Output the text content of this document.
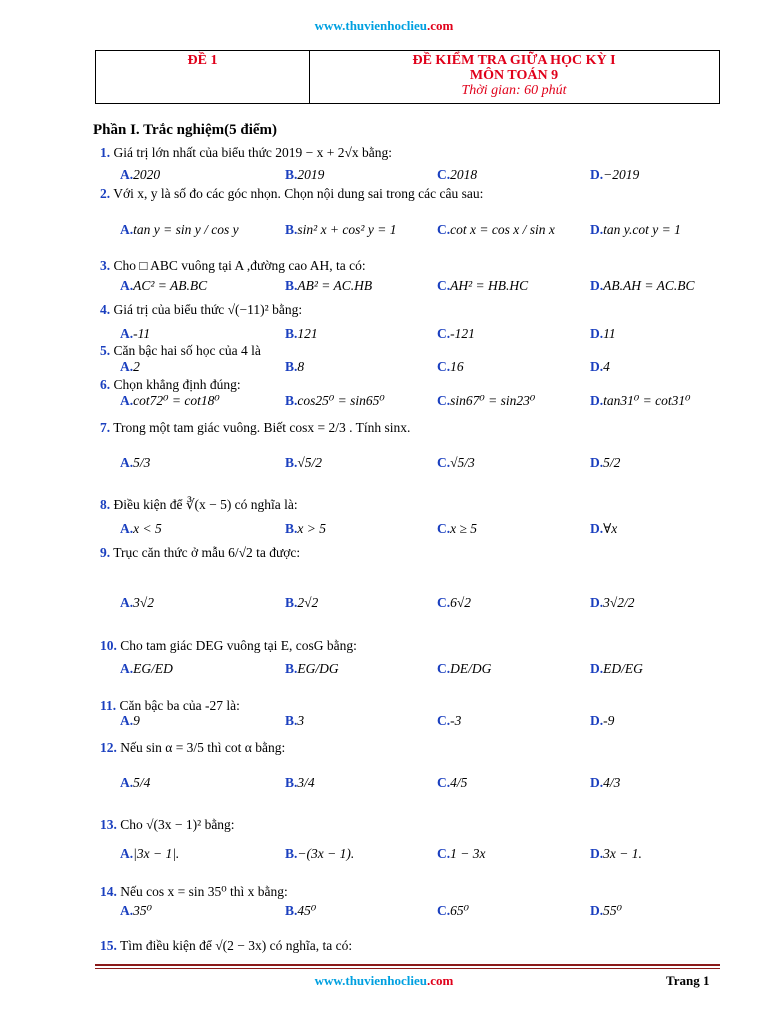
www.thuvienhoclieu.com
ĐỀ 1	ĐỀ KIỂM TRA GIỮA HỌC KỲ I
MÔN TOÁN 9
Thời gian: 60 phút
Phần I. Trắc nghiệm(5 điểm)
1. Giá trị lớn nhất của biểu thức 2019 − x + 2√x bằng:
A.2020	B.2019	C.2018	D.−2019
2. Với x, y là số đo các góc nhọn. Chọn nội dung sai trong các câu sau:
A.tan y = sin y / cos y	B.sin² x + cos² y = 1	C.cot x = cos x / sin x	D.tan y.cot y = 1
3. Cho □ ABC vuông tại A ,đường cao AH, ta có:
A.AC² = AB.BC	B.AB² = AC.HB	C.AH² = HB.HC	D.AB.AH = AC.BC
4. Giá trị của biểu thức √(−11)² bằng:
A.-11	B.121	C.-121	D.11
5. Căn bậc hai số học của 4 là
A.2	B.8	C.16	D.4
6. Chọn khẳng định đúng:
A.cot72⁰ = cot18⁰	B.cos25⁰ = sin65⁰	C.sin67⁰ = sin23⁰	D.tan31⁰ = cot31⁰
7. Trong một tam giác vuông. Biết cosx = 2/3 . Tính sinx.
A.5/3	B.√5/2	C.√5/3	D.5/2
8. Điều kiện để ∛(x − 5) có nghĩa là:
A.x < 5	B.x > 5	C.x ≥ 5	D.∀x
9. Trục căn thức ở mẫu 6/√2 ta được:
A.3√2	B.2√2	C.6√2	D.3√2/2
10. Cho tam giác DEG vuông tại E, cosG bằng:
A.EG/ED	B.EG/DG	C.DE/DG	D.ED/EG
11. Căn bậc ba của -27 là:
A.9	B.3	C.-3	D.-9
12. Nếu sin α = 3/5 thì cot α bằng:
A.5/4	B.3/4	C.4/5	D.4/3
13. Cho √(3x − 1)² bằng:
A.|3x − 1|.	B.−(3x − 1).	C.1 − 3x	D.3x − 1.
14. Nếu cos x = sin 35⁰ thì x bằng:
A.35⁰	B.45⁰	C.65⁰	D.55⁰
15. Tìm điều kiện để √(2 − 3x) có nghĩa, ta có:
www.thuvienhoclieu.com	Trang 1
